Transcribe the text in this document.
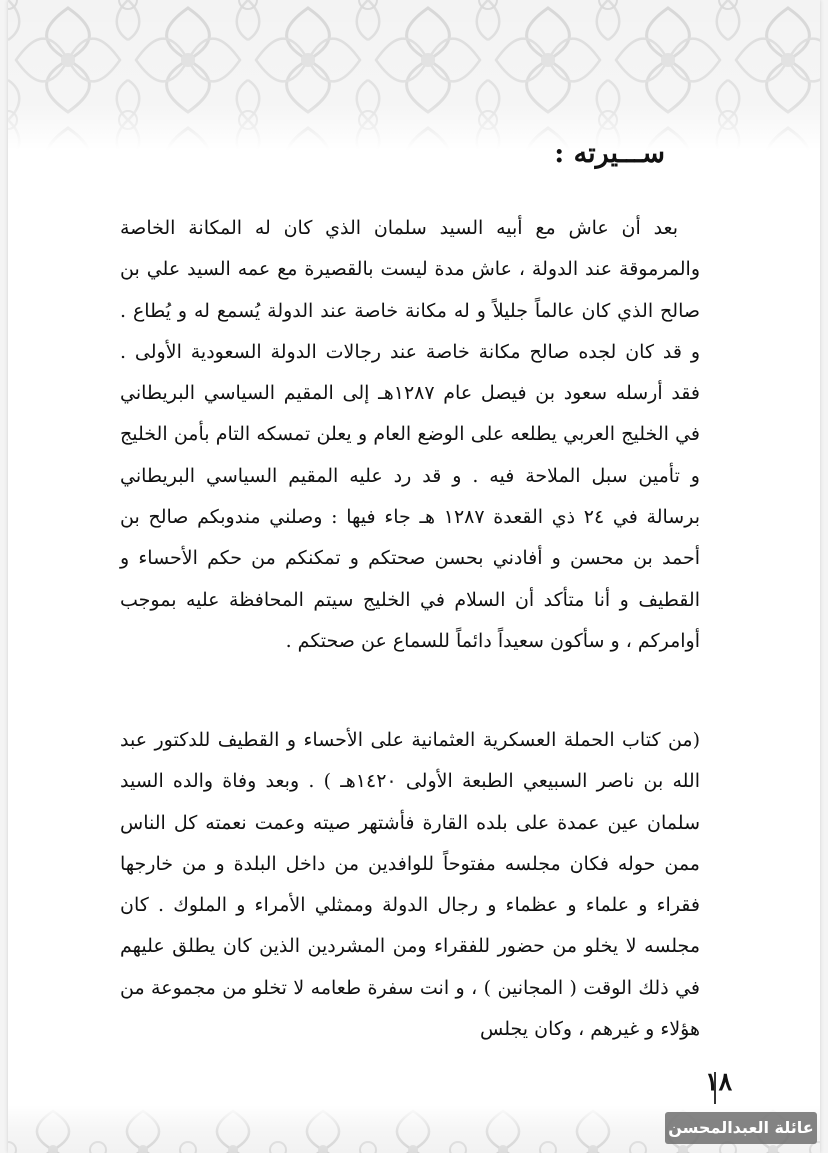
ســـيرته :

بعد أن عاش مع أبيه السيد سلمان الذي كان له المكانة الخاصة والمرموقة عند الدولة ، عاش مدة ليست بالقصيرة مع عمه السيد علي بن صالح الذي كان عالماً جليلاً و له مكانة خاصة عند الدولة يُسمع له و يُطاع . و قد كان لجده صالح مكانة خاصة عند رجالات الدولة السعودية الأولى . فقد أرسله سعود بن فيصل عام ١٢٨٧هـ إلى المقيم السياسي البريطاني في الخليج العربي يطلعه على الوضع العام و يعلن تمسكه التام بأمن الخليج و تأمين سبل الملاحة فيه . و قد رد عليه المقيم السياسي البريطاني برسالة في ٢٤ ذي القعدة ١٢٨٧ هـ جاء فيها : وصلني مندوبكم صالح بن أحمد بن محسن و أفادني بحسن صحتكم و تمكنكم من حكم الأحساء و القطيف و أنا متأكد أن السلام في الخليج سيتم المحافظة عليه بموجب أوامركم ، و سأكون سعيداً دائماً للسماع عن صحتكم .

(من كتاب الحملة العسكرية العثمانية على الأحساء و القطيف للدكتور عبد الله بن ناصر السبيعي الطبعة الأولى ١٤٢٠هـ ) . وبعد وفاة والده السيد سلمان عين عمدة على بلده القارة فأشتهر صيته وعمت نعمته كل الناس ممن حوله فكان مجلسه مفتوحاً للوافدين من داخل البلدة و من خارجها فقراء و علماء و عظماء و رجال الدولة وممثلي الأمراء و الملوك . كان مجلسه لا يخلو من حضور للفقراء ومن المشردين الذين كان يطلق عليهم في ذلك الوقت ( المجانين ) ، و انت سفرة طعامه لا تخلو من مجموعة من هؤلاء و غيرهم ، وكان يجلس

١٨
عائلة العبدالمحسن
